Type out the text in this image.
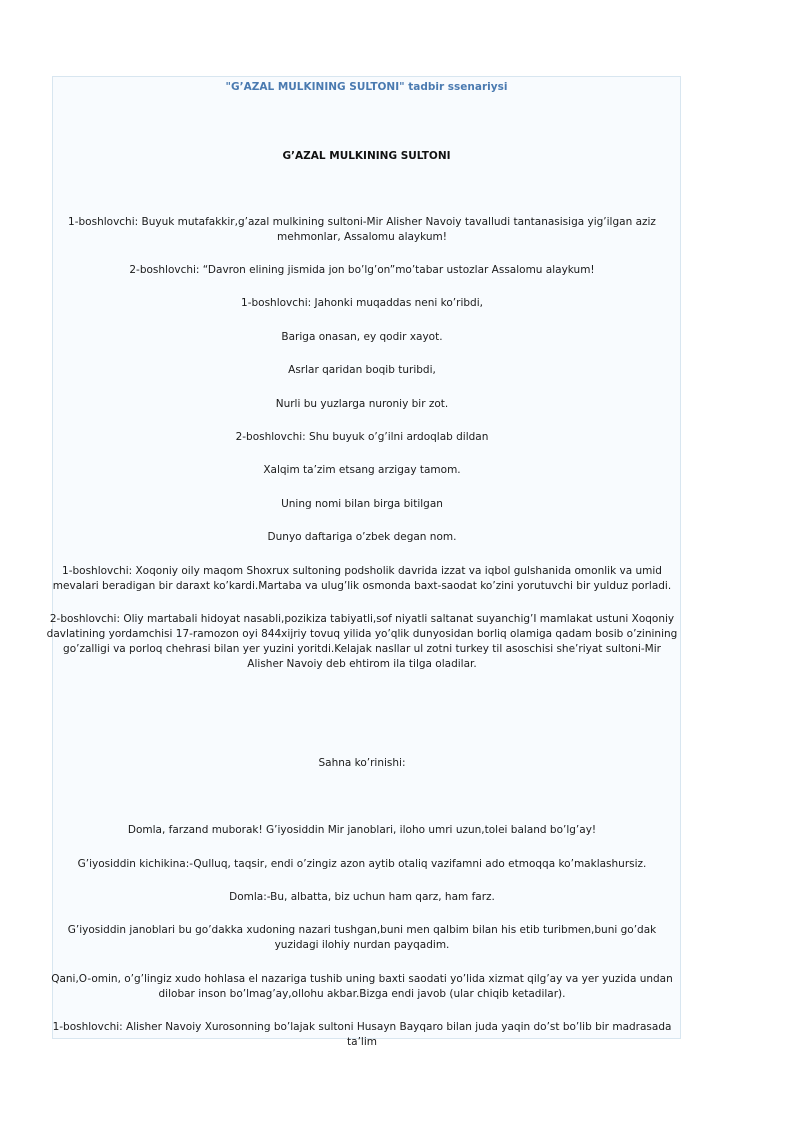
"G’AZAL MULKINING SULTONI" tadbir ssenariysi
G’AZAL MULKINING SULTONI
1-boshlovchi: Buyuk mutafakkir,g’azal mulkining sultoni-Mir Alisher Navoiy tavalludi tantanasisiga yig’ilgan aziz mehmonlar, Assalomu alaykum!
2-boshlovchi: “Davron elining jismida jon bo’lg’on”mo’tabar ustozlar Assalomu alaykum!
1-boshlovchi: Jahonki muqaddas neni ko’ribdi,
Bariga onasan, ey qodir xayot.
Asrlar qaridan boqib turibdi,
Nurli bu yuzlarga nuroniy bir zot.
2-boshlovchi: Shu buyuk o’g’ilni ardoqlab dildan
Xalqim ta’zim etsang arzigay tamom.
Uning nomi bilan birga bitilgan
Dunyo daftariga o’zbek degan nom.
1-boshlovchi: Xoqoniy oily maqom Shoxrux sultoning podsholik davrida izzat va iqbol gulshanida omonlik va umid mevalari beradigan bir daraxt ko’kardi.Martaba va ulug’lik osmonda baxt-saodat ko’zini yorutuvchi bir yulduz porladi.
2-boshlovchi: Oliy martabali hidoyat nasabli,pozikiza tabiyatli,sof niyatli saltanat suyanchig’I mamlakat ustuni Xoqoniy davlatining yordamchisi 17-ramozon oyi 844xijriy tovuq yilida yo’qlik dunyosidan borliq olamiga qadam bosib o’zinining go’zalligi va porloq chehrasi bilan yer yuzini yoritdi.Kelajak nasllar ul zotni turkey til asoschisi she’riyat sultoni-Mir Alisher Navoiy deb ehtirom ila tilga oladilar.
Sahna ko’rinishi:
Domla, farzand muborak! G’iyosiddin Mir janoblari, iloho umri uzun,tolei baland bo’lg’ay!
G’iyosiddin kichikina:-Qulluq, taqsir, endi o’zingiz azon aytib otaliq vazifamni ado etmoqqa ko’maklashursiz.
Domla:-Bu, albatta, biz uchun ham qarz, ham farz.
G’iyosiddin janoblari bu go’dakka xudoning nazari tushgan,buni men qalbim bilan his etib turibmen,buni go’dak yuzidagi ilohiy nurdan payqadim.
Qani,O-omin, o’g’lingiz xudo hohlasa el nazariga tushib uning baxti saodati yo’lida xizmat qilg’ay va yer yuzida undan dilobar inson bo’lmag’ay,ollohu akbar.Bizga endi javob (ular chiqib ketadilar).
1-boshlovchi: Alisher Navoiy Xurosonning bo’lajak sultoni Husayn Bayqaro bilan juda yaqin do’st bo’lib bir madrasada ta’lim
